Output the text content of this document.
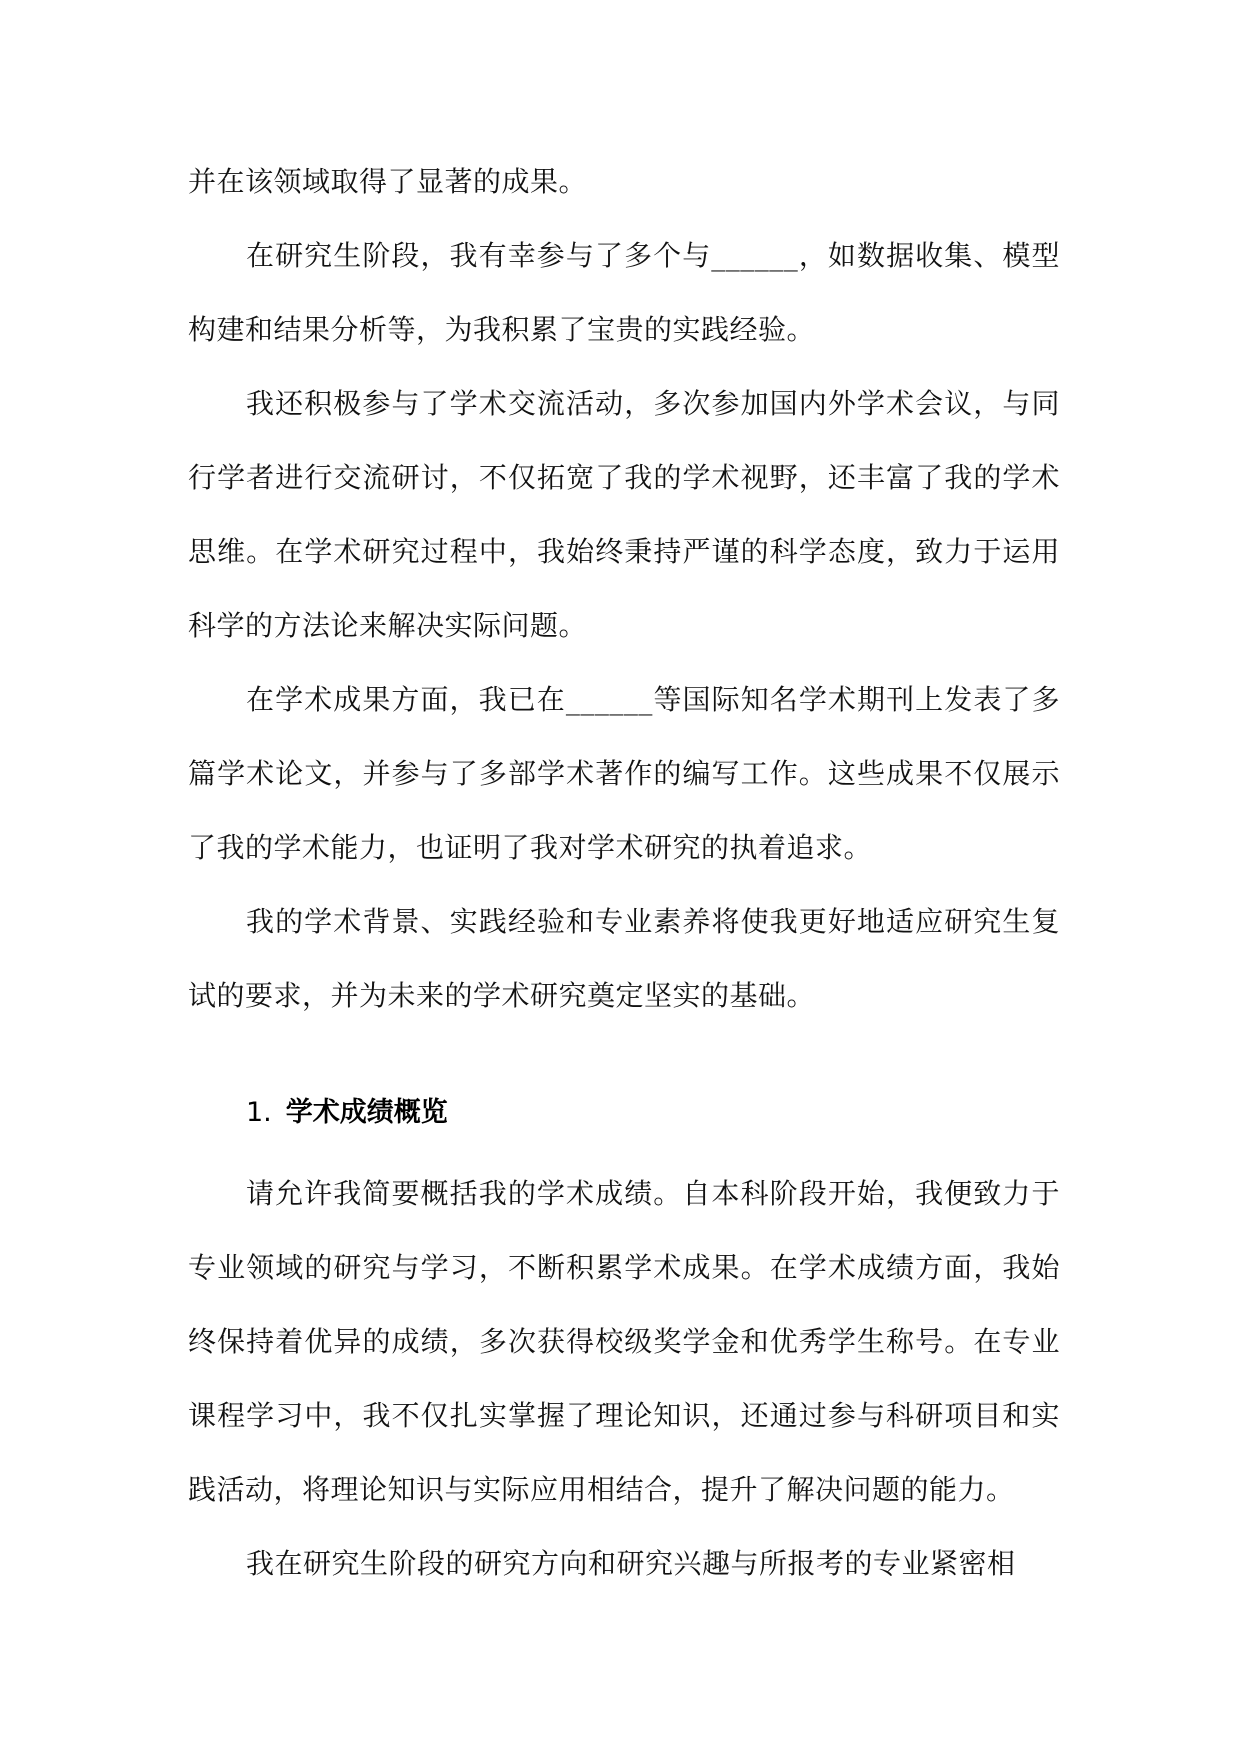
并在该领域取得了显著的成果。

在研究生阶段，我有幸参与了多个与______，如数据收集、模型构建和结果分析等，为我积累了宝贵的实践经验。

我还积极参与了学术交流活动，多次参加国内外学术会议，与同行学者进行交流研讨，不仅拓宽了我的学术视野，还丰富了我的学术思维。在学术研究过程中，我始终秉持严谨的科学态度，致力于运用科学的方法论来解决实际问题。

在学术成果方面，我已在______等国际知名学术期刊上发表了多篇学术论文，并参与了多部学术著作的编写工作。这些成果不仅展示了我的学术能力，也证明了我对学术研究的执着追求。

我的学术背景、实践经验和专业素养将使我更好地适应研究生复试的要求，并为未来的学术研究奠定坚实的基础。

1. 学术成绩概览

请允许我简要概括我的学术成绩。自本科阶段开始，我便致力于专业领域的研究与学习，不断积累学术成果。在学术成绩方面，我始终保持着优异的成绩，多次获得校级奖学金和优秀学生称号。在专业课程学习中，我不仅扎实掌握了理论知识，还通过参与科研项目和实践活动，将理论知识与实际应用相结合，提升了解决问题的能力。

我在研究生阶段的研究方向和研究兴趣与所报考的专业紧密相
